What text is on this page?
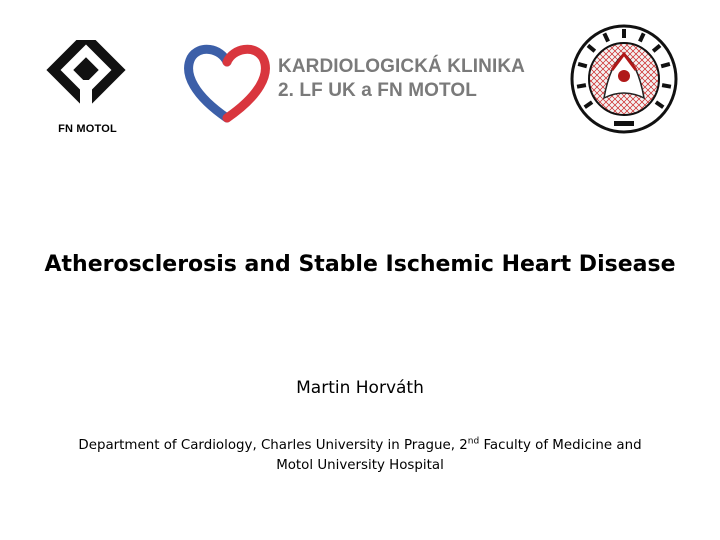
FN MOTOL
KARDIOLOGICKÁ KLINIKA
2. LF UK a FN MOTOL
Atherosclerosis and Stable Ischemic Heart Disease
Martin Horváth
Department of Cardiology, Charles University in Prague, 2nd Faculty of Medicine and
Motol University Hospital
